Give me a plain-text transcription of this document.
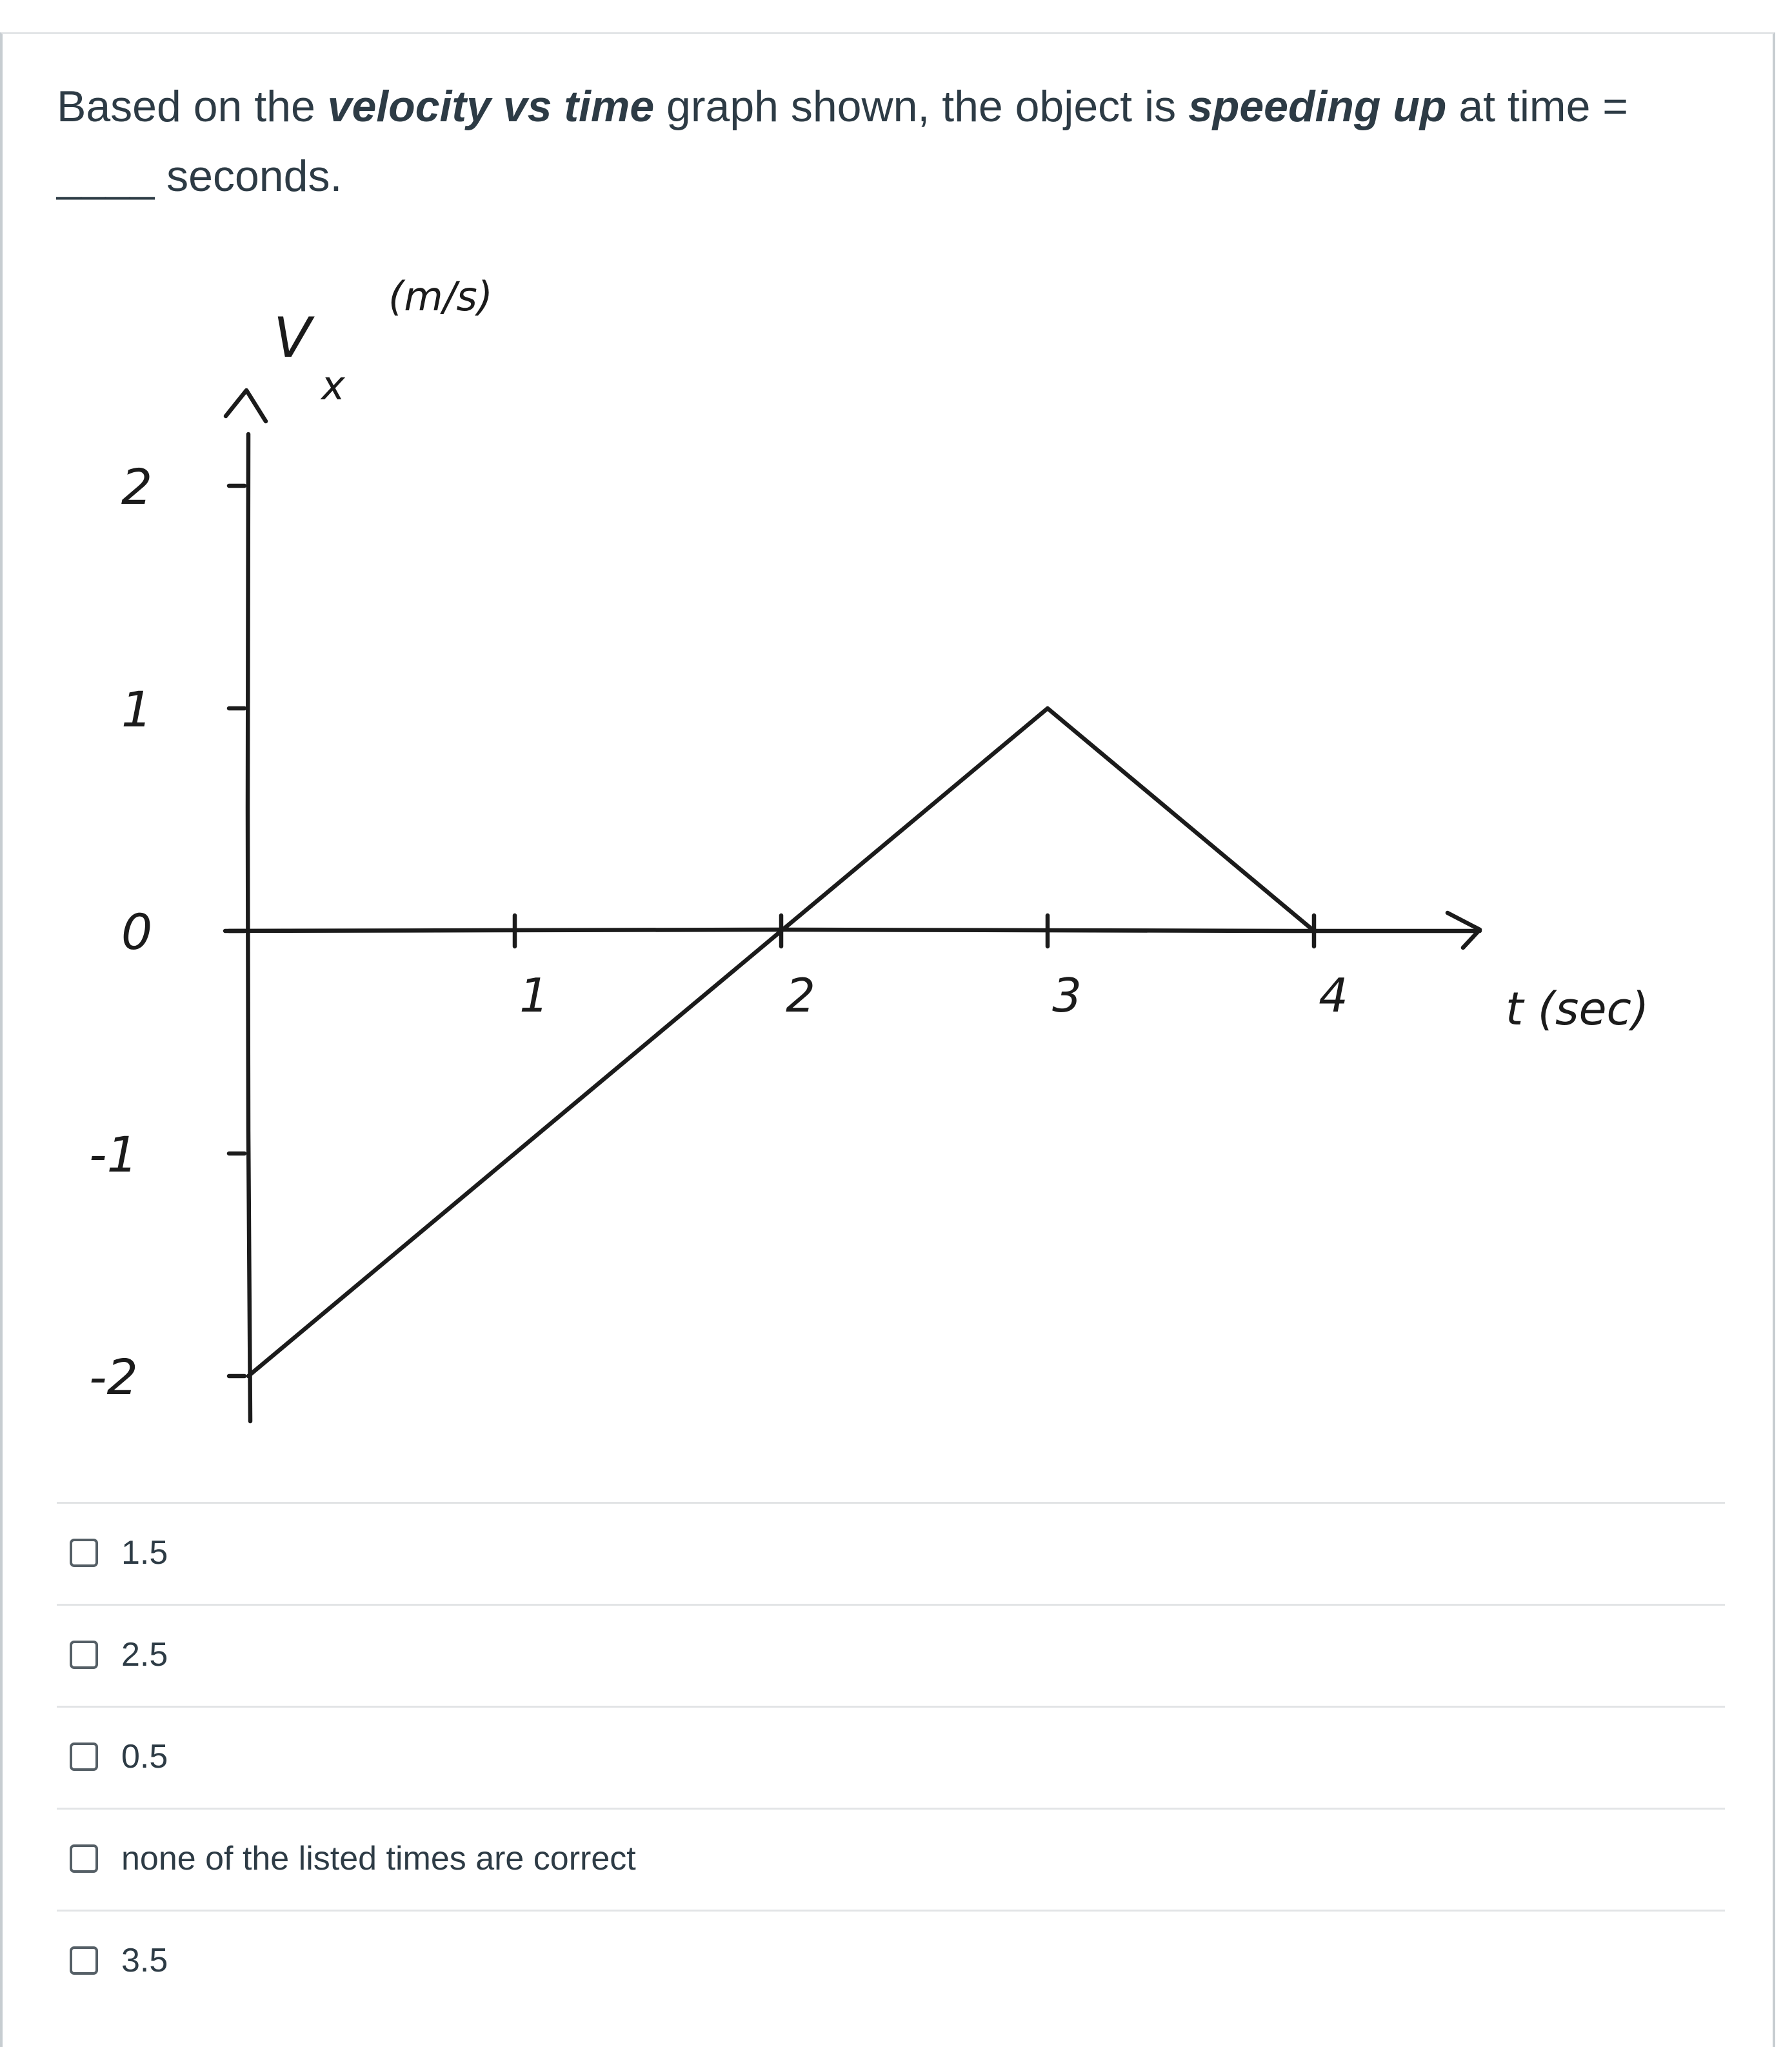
Based on the velocity vs time graph shown, the object is speeding up at time = ____ seconds.
V
x
(m/s)
t (sec)
2
1
0
-1
-2
1	2	3	4
1.5
2.5
0.5
none of the listed times are correct
3.5
